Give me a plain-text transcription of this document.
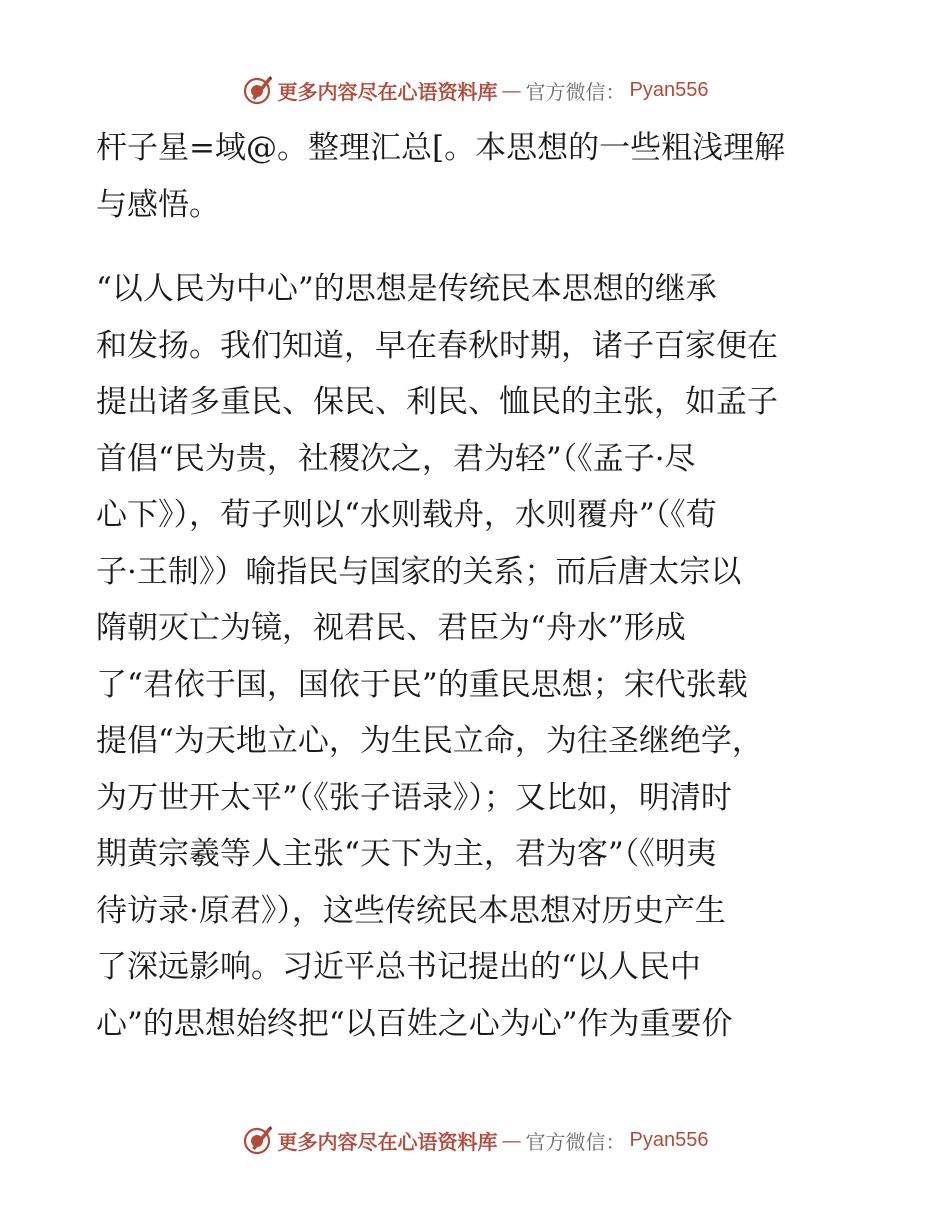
更多内容尽在心语资料库 — 官方微信： Pyan556
杆子星=域@。整理汇总[。本思想的一些粗浅理解
与感悟。
“以人民为中心”的思想是传统民本思想的继承
和发扬。我们知道，早在春秋时期，诸子百家便在
提出诸多重民、保民、利民、恤民的主张，如孟子
首倡“民为贵，社稷次之，君为轻”（《孟子·尽
心下》），荀子则以“水则载舟，水则覆舟”（《荀
子·王制》）喻指民与国家的关系；而后唐太宗以
隋朝灭亡为镜，视君民、君臣为“舟水”形成
了“君依于国，国依于民”的重民思想；宋代张载
提倡“为天地立心，为生民立命，为往圣继绝学，
为万世开太平”（《张子语录》）；又比如，明清时
期黄宗羲等人主张“天下为主，君为客”（《明夷
待访录·原君》），这些传统民本思想对历史产生
了深远影响。习近平总书记提出的“以人民中
心”的思想始终把“以百姓之心为心”作为重要价
更多内容尽在心语资料库 — 官方微信： Pyan556
